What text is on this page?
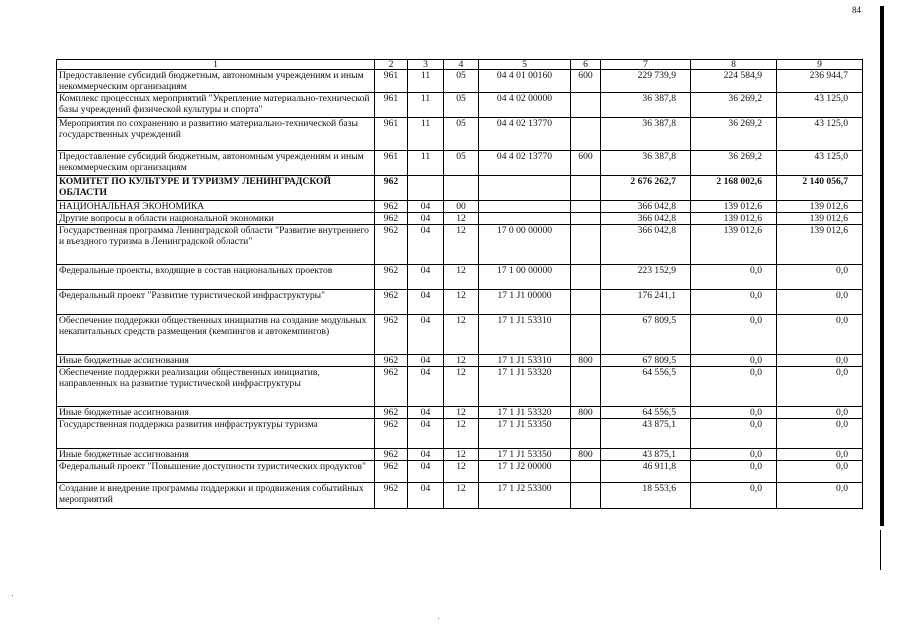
84
1	2	3	4	5	6	7	8	9
Предоставление субсидий бюджетным, автономным учреждениям и иным некоммерческим организациям	961	11	05	04 4 01 00160	600	229 739,9	224 584,9	236 944,7
Комплекс процессных мероприятий "Укрепление материально-технической базы учреждений физической культуры и спорта"	961	11	05	04 4 02 00000		36 387,8	36 269,2	43 125,0
Мероприятия по сохранению и развитию материально-технической базы государственных учреждений	961	11	05	04 4 02 13770		36 387,8	36 269,2	43 125,0
Предоставление субсидий бюджетным, автономным учреждениям и иным некоммерческим организациям	961	11	05	04 4 02 13770	600	36 387,8	36 269,2	43 125,0
КОМИТЕТ ПО КУЛЬТУРЕ И ТУРИЗМУ ЛЕНИНГРАДСКОЙ ОБЛАСТИ	962					2 676 262,7	2 168 002,6	2 140 056,7
НАЦИОНАЛЬНАЯ ЭКОНОМИКА	962	04	00			366 042,8	139 012,6	139 012,6
Другие вопросы в области национальной экономики	962	04	12			366 042,8	139 012,6	139 012,6
Государственная программа Ленинградской области "Развитие внутреннего и въездного туризма в Ленинградской области"	962	04	12	17 0 00 00000		366 042,8	139 012,6	139 012,6
Федеральные проекты, входящие в состав национальных проектов	962	04	12	17 1 00 00000		223 152,9	0,0	0,0
Федеральный проект "Развитие туристической инфраструктуры"	962	04	12	17 1 J1 00000		176 241,1	0,0	0,0
Обеспечение поддержки общественных инициатив на создание модульных некапитальных средств размещения (кемпингов и автокемпингов)	962	04	12	17 1 J1 53310		67 809,5	0,0	0,0
Иные бюджетные ассигнования	962	04	12	17 1 J1 53310	800	67 809,5	0,0	0,0
Обеспечение поддержки реализации общественных инициатив, направленных на развитие туристической инфраструктуры	962	04	12	17 1 J1 53320		64 556,5	0,0	0,0
Иные бюджетные ассигнования	962	04	12	17 1 J1 53320	800	64 556,5	0,0	0,0
Государственная поддержка развития инфраструктуры туризма	962	04	12	17 1 J1 53350		43 875,1	0,0	0,0
Иные бюджетные ассигнования	962	04	12	17 1 J1 53350	800	43 875,1	0,0	0,0
Федеральный проект "Повышение доступности туристических продуктов"	962	04	12	17 1 J2 00000		46 911,8	0,0	0,0
Создание и внедрение программы поддержки и продвижения событийных мероприятий	962	04	12	17 1 J2 53300		18 553,6	0,0	0,0
